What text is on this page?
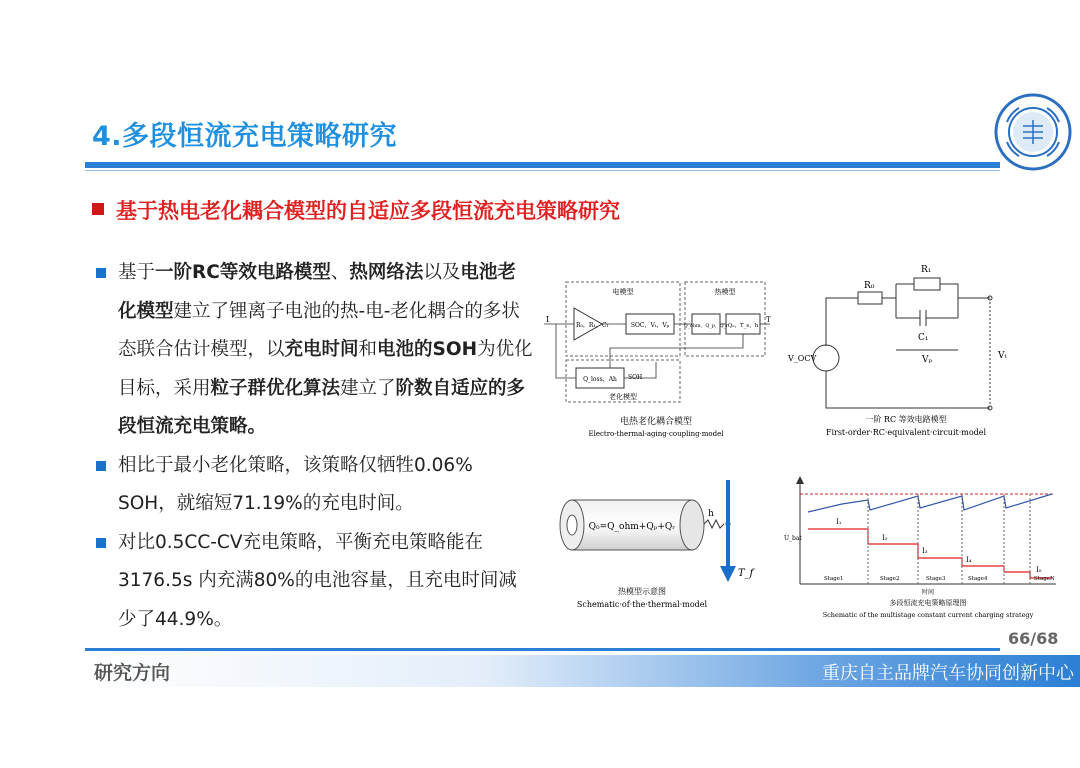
4.多段恒流充电策略研究
基于热电老化耦合模型的自适应多段恒流充电策略研究
基于一阶RC等效电路模型、热网络法以及电池老化模型建立了锂离子电池的热-电-老化耦合的多状态联合估计模型，以充电时间和电池的SOH为优化目标，采用粒子群优化算法建立了阶数自适应的多段恒流充电策略。
相比于最小老化策略，该策略仅牺牲0.06% SOH，就缩短71.19%的充电时间。
对比0.5CC-CV充电策略，平衡充电策略能在3176.5s 内充满80%的电池容量，且充电时间减少了44.9%。
电模型	热模型
老化模型
R₀，R₁，C₁	SOC，Vₜ，Vₚ	Q_ohm，Q_p，Q_r Q₀，T_s，h
Q_loss，Ah
I	T
SOH
电热老化耦合模型
Electro-thermal-aging·coupling·model
R₀
R₁
C₁
V_OCV	Vₚ	Vₜ
一阶 RC 等效电路模型
First-order·RC·equivalent·circuit·model
Q₀=Q_ohm+Qₚ+Qᵣ
h
T_f
热模型示意图
Schematic·of·the·thermal·model
I₁
I₂
I₃
I₄
I₅
U_bat
Stage1	Stage2	Stage3	Stage4	StageN
时间
多段恒流充电策略原理图
Schematic of the multistage constant current charging strategy
66/68
研究方向	重庆自主品牌汽车协同创新中心
